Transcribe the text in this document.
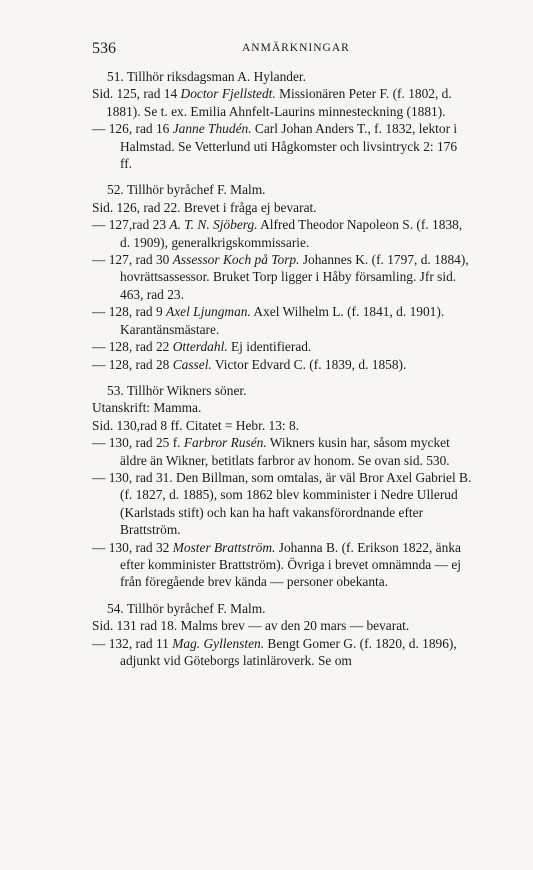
536	ANMÄRKNINGAR

51. Tillhör riksdagsman A. Hylander.

Sid. 125, rad 14 Doctor Fjellstedt. Missionären Peter F. (f. 1802, d. 1881). Se t. ex. Emilia Ahnfelt-Laurins minnesteckning (1881).

— 126, rad 16 Janne Thudén. Carl Johan Anders T., f. 1832, lektor i Halmstad. Se Vetterlund uti Hågkomster och livsintryck 2: 176 ff.

52. Tillhör byråchef F. Malm.

Sid. 126, rad 22. Brevet i fråga ej bevarat.

— 127,rad 23 A. T. N. Sjöberg. Alfred Theodor Napoleon S. (f. 1838, d. 1909), generalkrigskommissarie.

— 127, rad 30 Assessor Koch på Torp. Johannes K. (f. 1797, d. 1884), hovrättsassessor. Bruket Torp ligger i Håby församling. Jfr sid. 463, rad 23.

— 128, rad 9 Axel Ljungman. Axel Wilhelm L. (f. 1841, d. 1901). Karantänsmästare.

— 128, rad 22 Otterdahl. Ej identifierad.

— 128, rad 28 Cassel. Victor Edvard C. (f. 1839, d. 1858).

53. Tillhör Wikners söner.

Utanskrift: Mamma.

Sid. 130,rad 8 ff. Citatet = Hebr. 13: 8.

— 130, rad 25 f. Farbror Rusén. Wikners kusin har, såsom mycket äldre än Wikner, betitlats farbror av honom. Se ovan sid. 530.

— 130, rad 31. Den Billman, som omtalas, är väl Bror Axel Gabriel B. (f. 1827, d. 1885), som 1862 blev komminister i Nedre Ullerud (Karlstads stift) och kan ha haft vakansförordnande efter Brattström.

— 130, rad 32 Moster Brattström. Johanna B. (f. Erikson 1822, änka efter komminister Brattström). Övriga i brevet omnämnda — ej från föregående brev kända — personer obekanta.

54. Tillhör byråchef F. Malm.

Sid. 131 rad 18. Malms brev — av den 20 mars — bevarat.

— 132, rad 11 Mag. Gyllensten. Bengt Gomer G. (f. 1820, d. 1896), adjunkt vid Göteborgs latinläroverk. Se om
